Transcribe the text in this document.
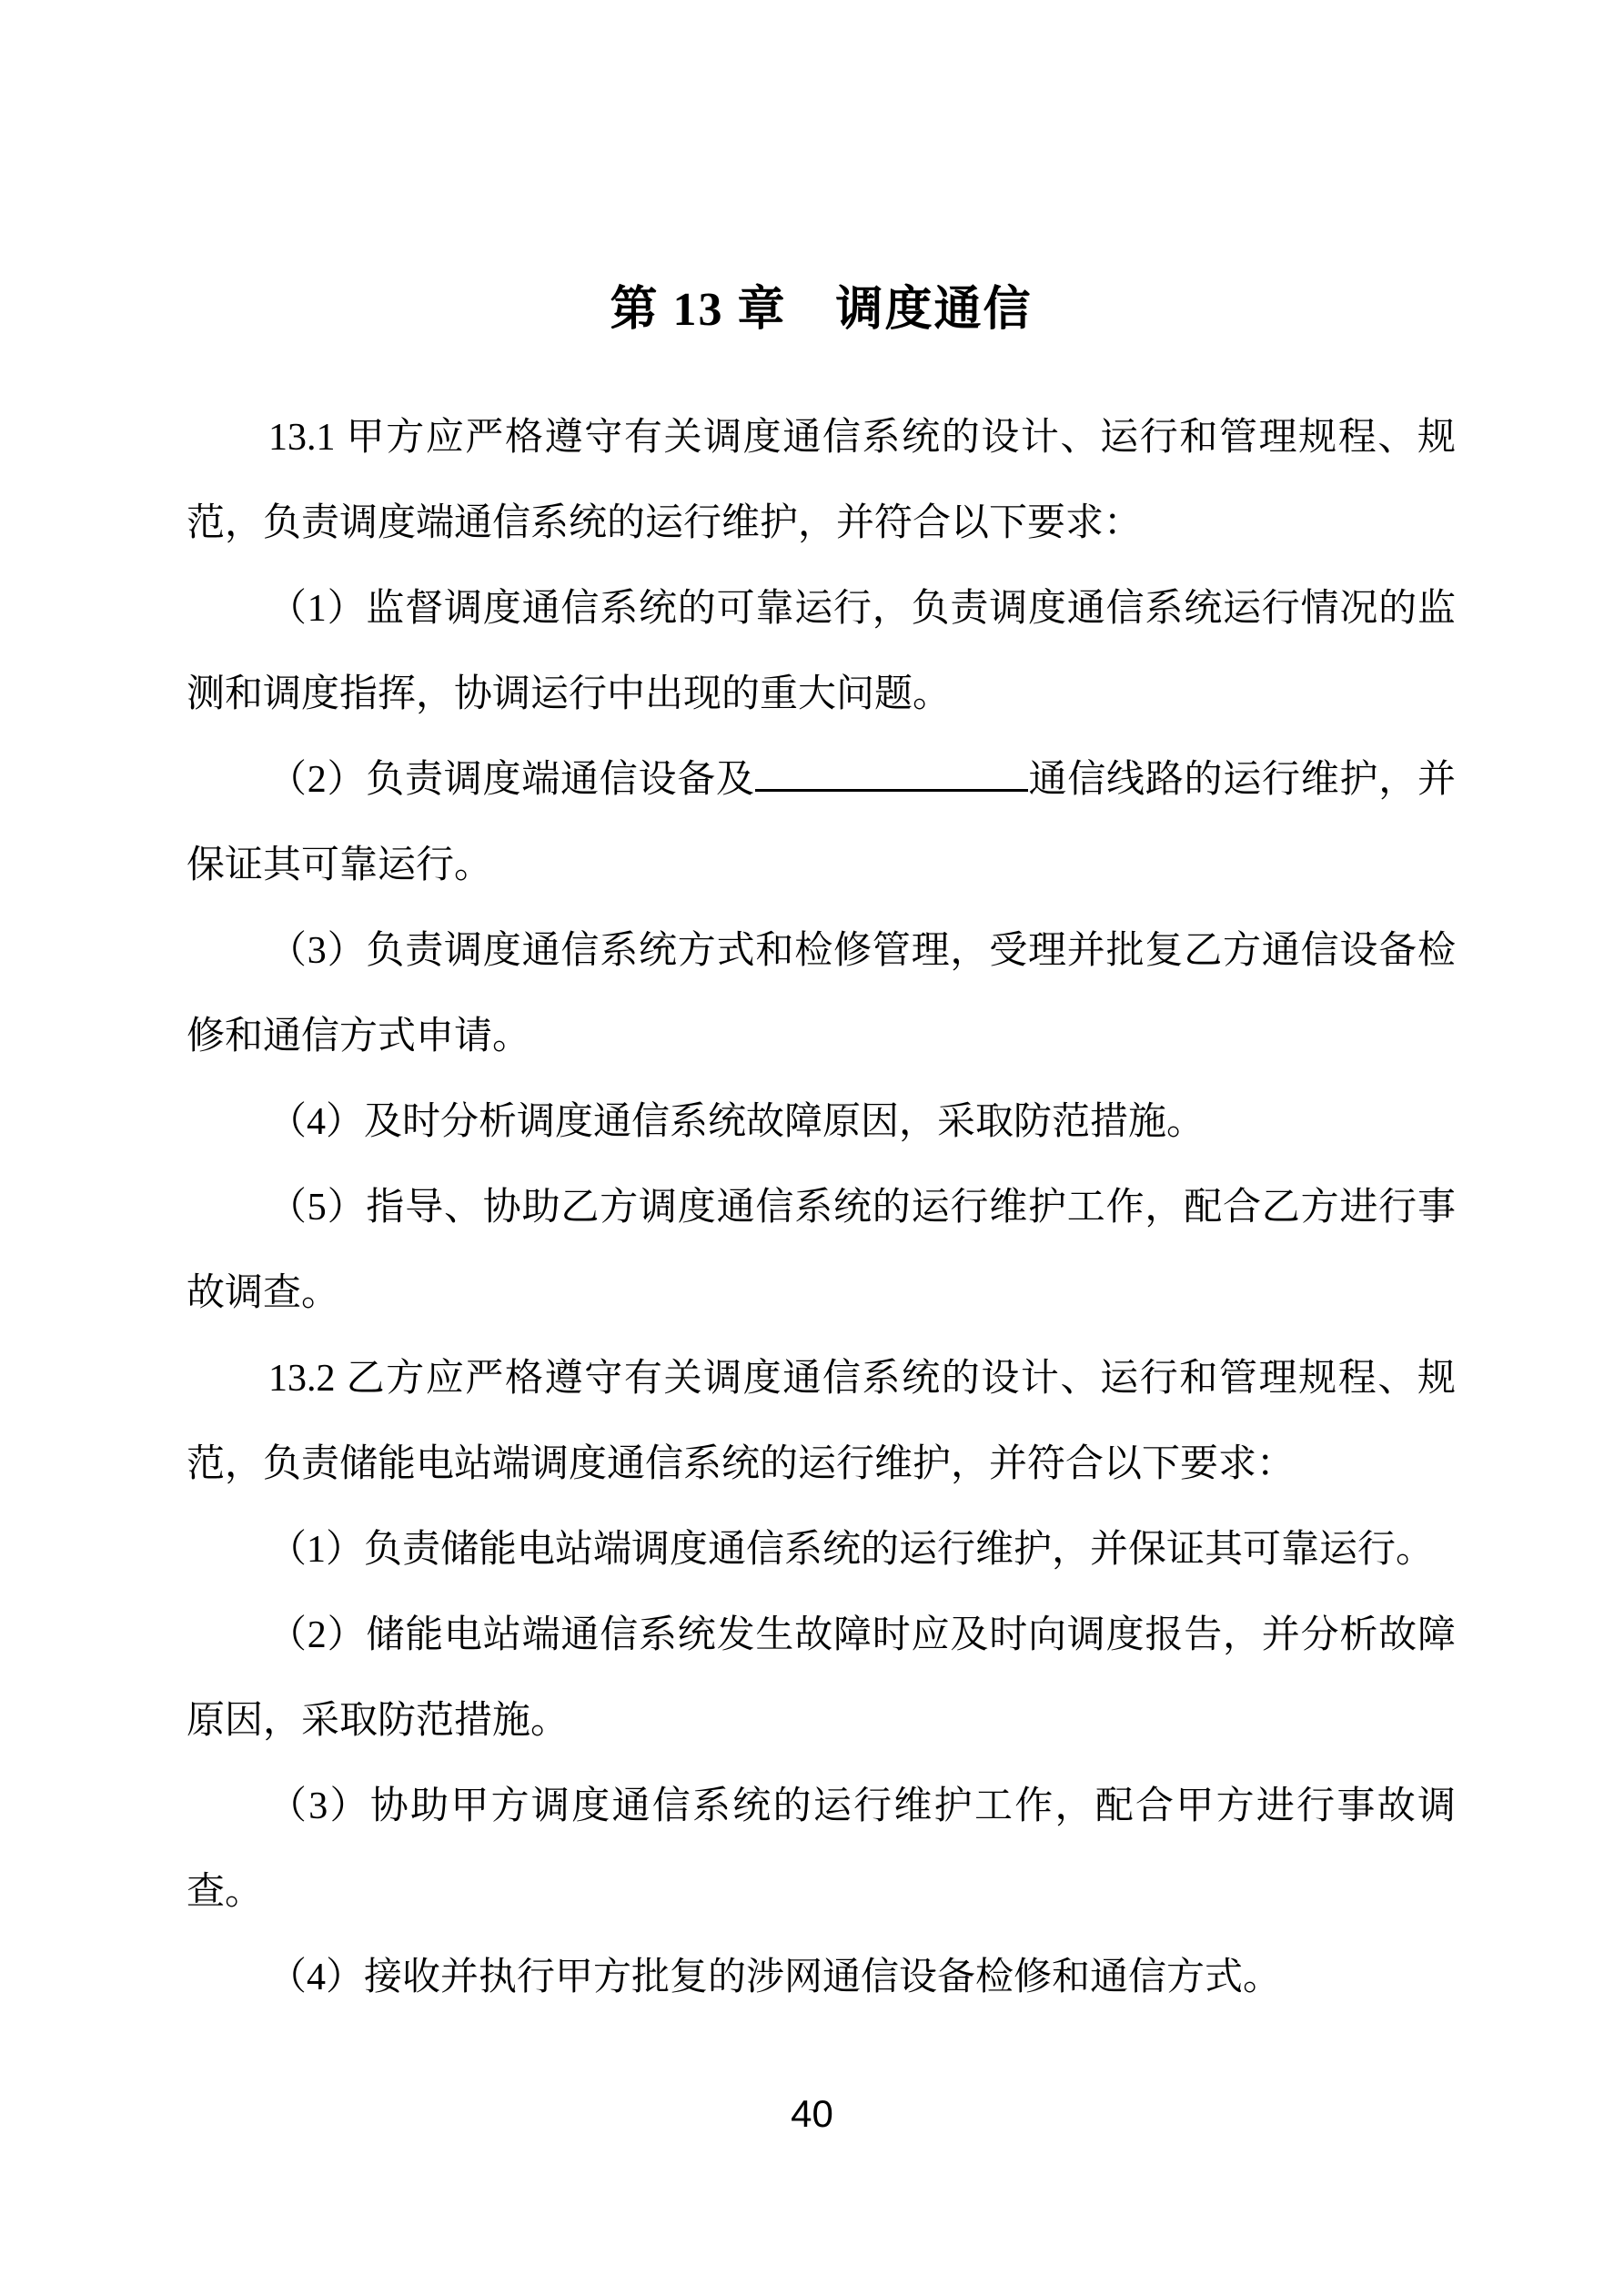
第 13 章　调度通信

13.1 甲方应严格遵守有关调度通信系统的设计、运行和管理规程、规范，负责调度端通信系统的运行维护，并符合以下要求：

（1）监督调度通信系统的可靠运行，负责调度通信系统运行情况的监测和调度指挥，协调运行中出现的重大问题。

（2）负责调度端通信设备及	通信线路的运行维护，并保证其可靠运行。

（3）负责调度通信系统方式和检修管理，受理并批复乙方通信设备检修和通信方式申请。

（4）及时分析调度通信系统故障原因，采取防范措施。

（5）指导、协助乙方调度通信系统的运行维护工作，配合乙方进行事故调查。

13.2 乙方应严格遵守有关调度通信系统的设计、运行和管理规程、规范，负责储能电站端调度通信系统的运行维护，并符合以下要求：

（1）负责储能电站端调度通信系统的运行维护，并保证其可靠运行。

（2）储能电站端通信系统发生故障时应及时向调度报告，并分析故障原因，采取防范措施。

（3）协助甲方调度通信系统的运行维护工作，配合甲方进行事故调查。

（4）接收并执行甲方批复的涉网通信设备检修和通信方式。

40
